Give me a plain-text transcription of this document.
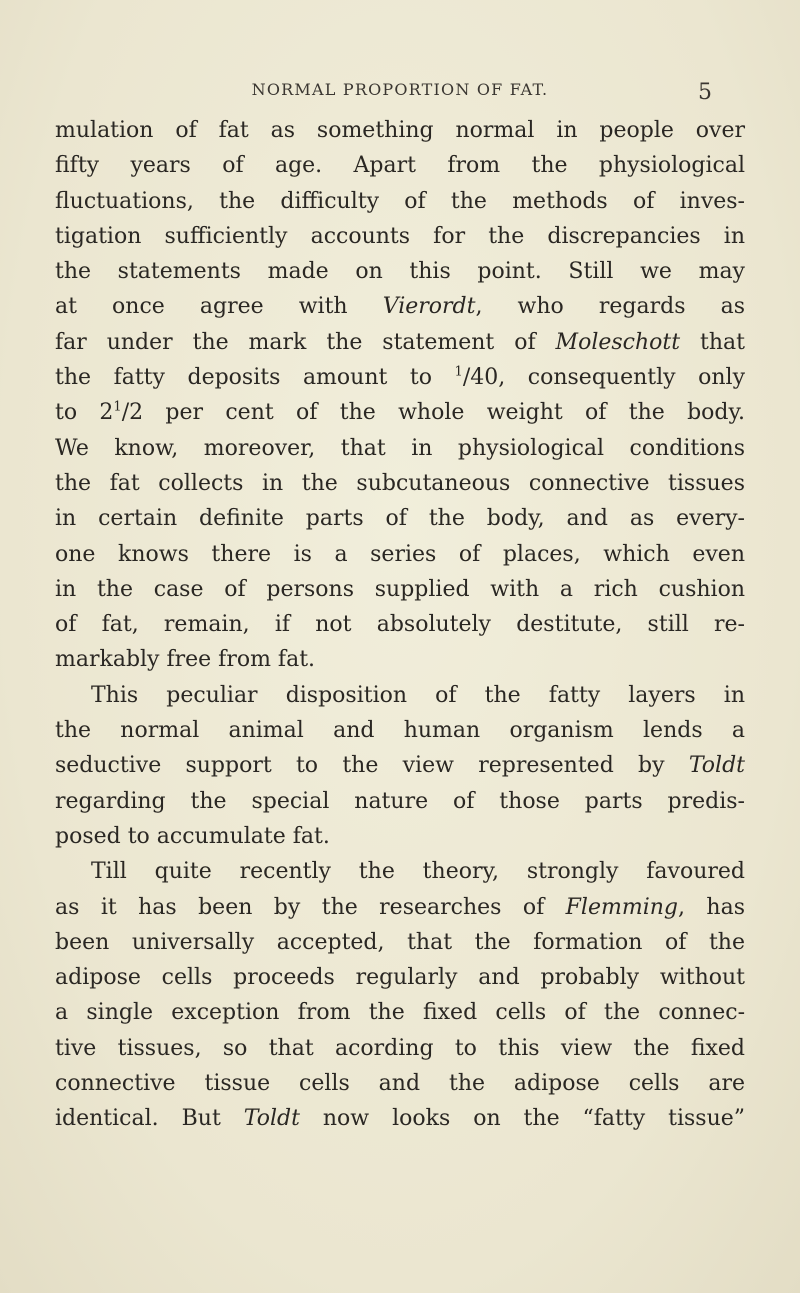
NORMAL PROPORTION OF FAT.	5
mulation of fat as something normal in people over
fifty years of age. Apart from the physiological
fluctuations, the difficulty of the methods of inves-
tigation sufficiently accounts for the discrepancies in
the statements made on this point. Still we may
at once agree with Vierordt, who regards as
far under the mark the statement of Moleschott that
the fatty deposits amount to $^1$/40, consequently only
to $2^1/2$ per cent of the whole weight of the body.
We know, moreover, that in physiological conditions
the fat collects in the subcutaneous connective tissues
in certain definite parts of the body, and as every-
one knows there is a series of places, which even
in the case of persons supplied with a rich cushion
of fat, remain, if not absolutely destitute, still re-
markably free from fat.
This peculiar disposition of the fatty layers in
the normal animal and human organism lends a
seductive support to the view represented by Toldt
regarding the special nature of those parts predis-
posed to accumulate fat.
Till quite recently the theory, strongly favoured
as it has been by the researches of Flemming, has
been universally accepted, that the formation of the
adipose cells proceeds regularly and probably without
a single exception from the fixed cells of the connec-
tive tissues, so that acording to this view the fixed
connective tissue cells and the adipose cells are
identical. But Toldt now looks on the “fatty tissue”
